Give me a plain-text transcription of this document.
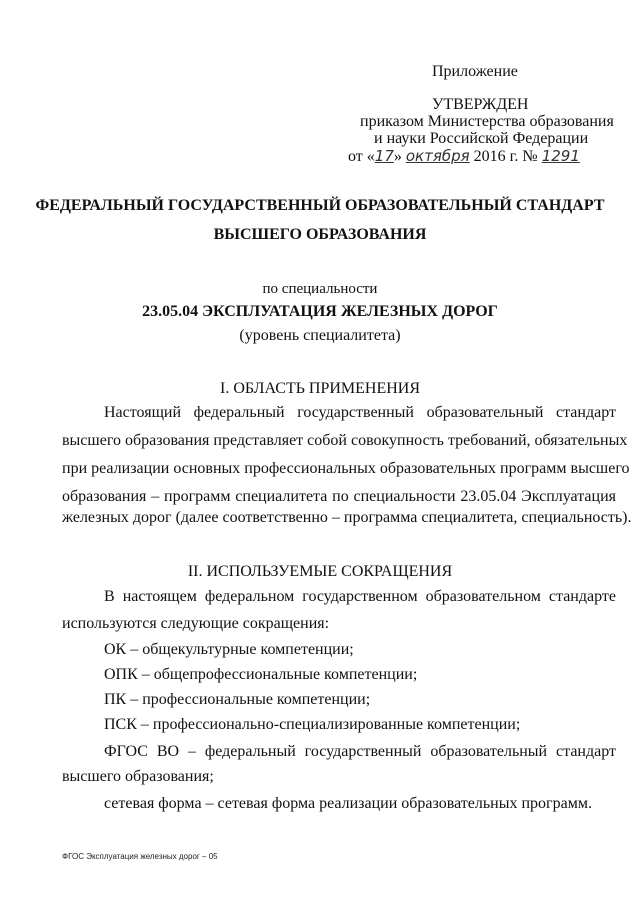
Приложение
УТВЕРЖДЕН
приказом Министерства образования
и науки Российской Федерации
от «17» октября 2016 г. № 1291
ФЕДЕРАЛЬНЫЙ ГОСУДАРСТВЕННЫЙ ОБРАЗОВАТЕЛЬНЫЙ СТАНДАРТ
ВЫСШЕГО ОБРАЗОВАНИЯ
по специальности
23.05.04 ЭКСПЛУАТАЦИЯ ЖЕЛЕЗНЫХ ДОРОГ
(уровень специалитета)
I. ОБЛАСТЬ ПРИМЕНЕНИЯ
Настоящий федеральный государственный образовательный стандарт
высшего образования представляет собой совокупность требований, обязательных
при реализации основных профессиональных образовательных программ высшего
образования – программ специалитета по специальности 23.05.04 Эксплуатация
железных дорог (далее соответственно – программа специалитета, специальность).
II. ИСПОЛЬЗУЕМЫЕ СОКРАЩЕНИЯ
В настоящем федеральном государственном образовательном стандарте
используются следующие сокращения:
ОК – общекультурные компетенции;
ОПК – общепрофессиональные компетенции;
ПК – профессиональные компетенции;
ПСК – профессионально-специализированные компетенции;
ФГОС ВО – федеральный государственный образовательный стандарт
высшего образования;
сетевая форма – сетевая форма реализации образовательных программ.
ФГОС Эксплуатация железных дорог – 05
